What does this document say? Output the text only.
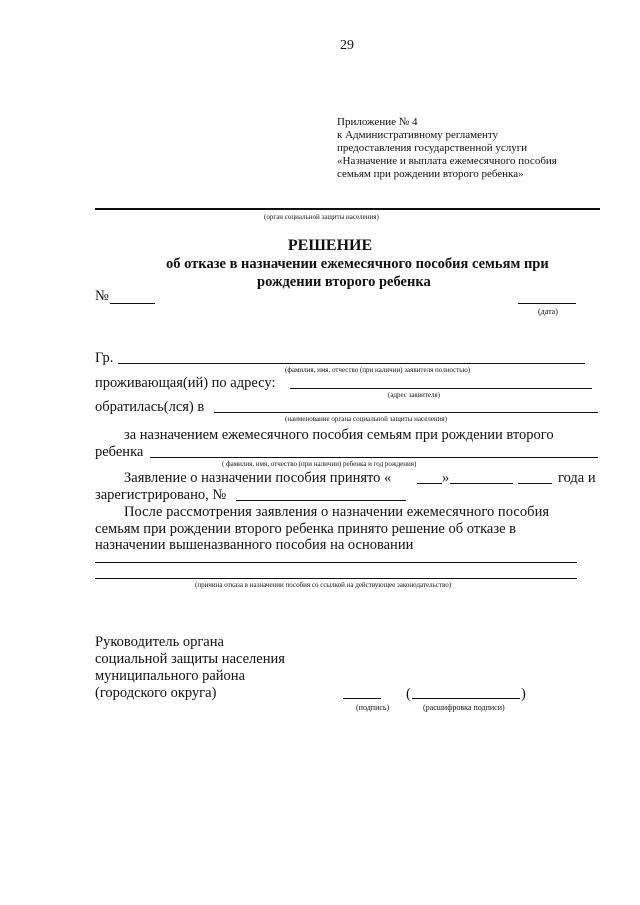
29
Приложение № 4
к Административному регламенту
предоставления государственной услуги
«Назначение и выплата ежемесячного пособия
семьям при рождении второго ребенка»
(орган социальной защиты населения)
РЕШЕНИЕ
об отказе в назначении ежемесячного пособия семьям при
рождении второго ребенка
№
(дата)
Гр.
(фамилия, имя, отчество (при наличии) заявителя полностью)
проживающая(ий) по адресу:
(адрес заявителя)
обратилась(лся) в
(наименование органа социальной защиты населения)
за назначением ежемесячного пособия семьям при рождении второго
ребенка
( фамилия, имя, отчество (при наличии) ребенка и год рождения)
Заявление о назначении пособия принято «	»	года и
зарегистрировано, №
После рассмотрения заявления о назначении ежемесячного пособия
семьям при рождении второго ребенка принято решение об отказе в
назначении вышеназванного пособия на основании
(причина отказа в назначении пособия со ссылкой на действующее законодательство)
Руководитель органа
социальной защиты населения
муниципального района
(городского округа)
(подпись)
(	)
(расшифровка подписи)
